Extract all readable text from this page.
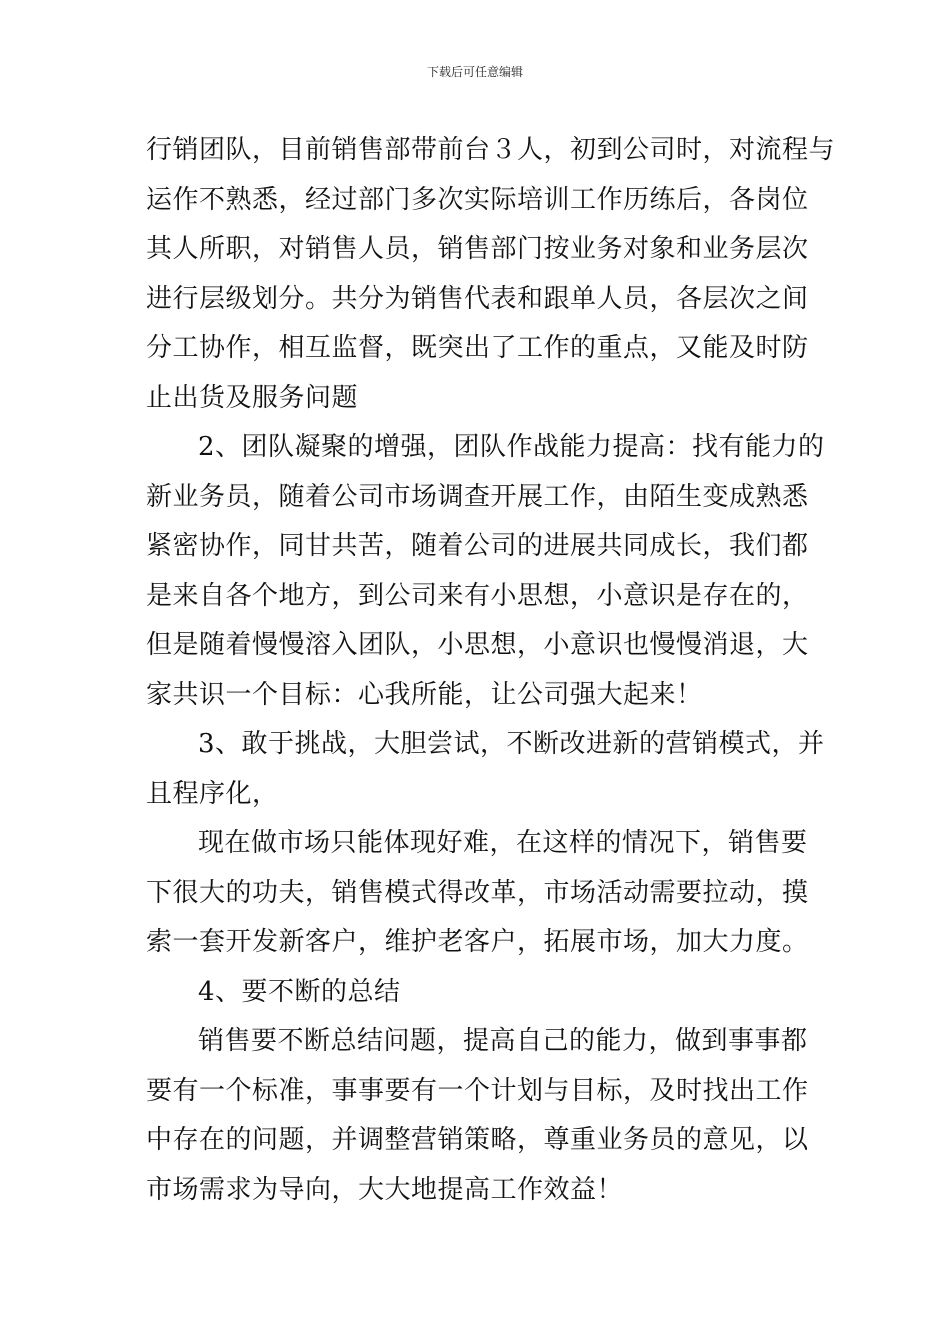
下载后可任意编辑
行销团队，目前销售部带前台３人，初到公司时，对流程与
运作不熟悉，经过部门多次实际培训工作历练后，各岗位
其人所职，对销售人员，销售部门按业务对象和业务层次
进行层级划分。共分为销售代表和跟单人员，各层次之间
分工协作，相互监督，既突出了工作的重点，又能及时防
止出货及服务问题
2、团队凝聚的增强，团队作战能力提高：找有能力的
新业务员，随着公司市场调查开展工作，由陌生变成熟悉
紧密协作，同甘共苦，随着公司的进展共同成长，我们都
是来自各个地方，到公司来有小思想，小意识是存在的，
但是随着慢慢溶入团队，小思想，小意识也慢慢消退，大
家共识一个目标：心我所能，让公司强大起来！
3、敢于挑战，大胆尝试，不断改进新的营销模式，并
且程序化，
现在做市场只能体现好难，在这样的情况下，销售要
下很大的功夫，销售模式得改革，市场活动需要拉动，摸
索一套开发新客户，维护老客户，拓展市场，加大力度。
4、要不断的总结
销售要不断总结问题，提高自己的能力，做到事事都
要有一个标准，事事要有一个计划与目标，及时找出工作
中存在的问题，并调整营销策略，尊重业务员的意见，以
市场需求为导向，大大地提高工作效益！
